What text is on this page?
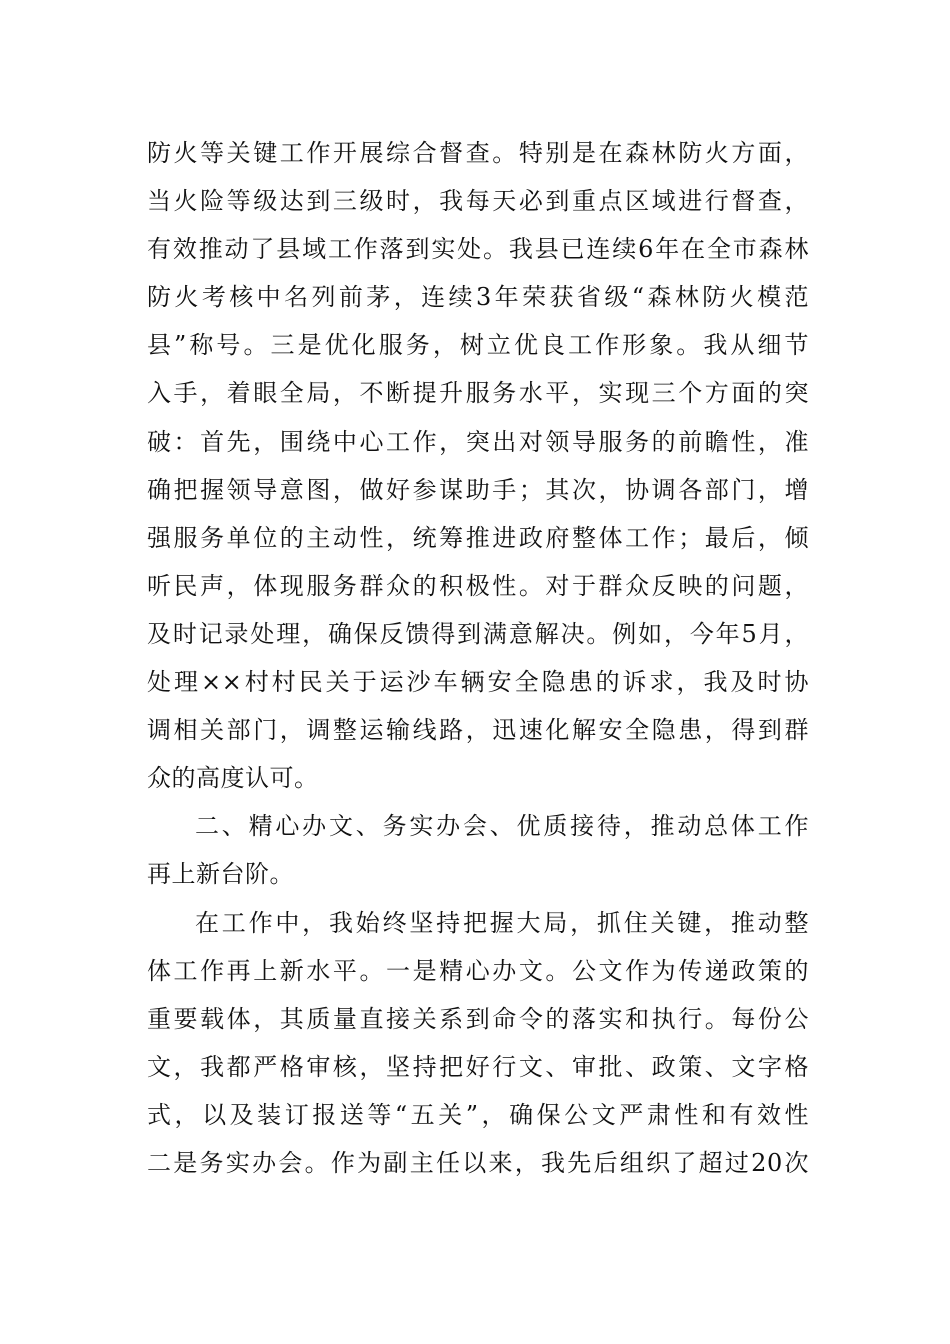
防火等关键工作开展综合督查。特别是在森林防火方面，
当火险等级达到三级时，我每天必到重点区域进行督查，
有效推动了县域工作落到实处。我县已连续6年在全市森林
防火考核中名列前茅，连续3年荣获省级“森林防火模范
县”称号。三是优化服务，树立优良工作形象。我从细节
入手，着眼全局，不断提升服务水平，实现三个方面的突
破：首先，围绕中心工作，突出对领导服务的前瞻性，准
确把握领导意图，做好参谋助手；其次，协调各部门，增
强服务单位的主动性，统筹推进政府整体工作；最后，倾
听民声，体现服务群众的积极性。对于群众反映的问题，
及时记录处理，确保反馈得到满意解决。例如，今年5月，
处理××村村民关于运沙车辆安全隐患的诉求，我及时协
调相关部门，调整运输线路，迅速化解安全隐患，得到群
众的高度认可。
二、精心办文、务实办会、优质接待，推动总体工作
再上新台阶。
在工作中，我始终坚持把握大局，抓住关键，推动整
体工作再上新水平。一是精心办文。公文作为传递政策的
重要载体，其质量直接关系到命令的落实和执行。每份公
文，我都严格审核，坚持把好行文、审批、政策、文字格
式，以及装订报送等“五关”，确保公文严肃性和有效性
二是务实办会。作为副主任以来，我先后组织了超过20次
